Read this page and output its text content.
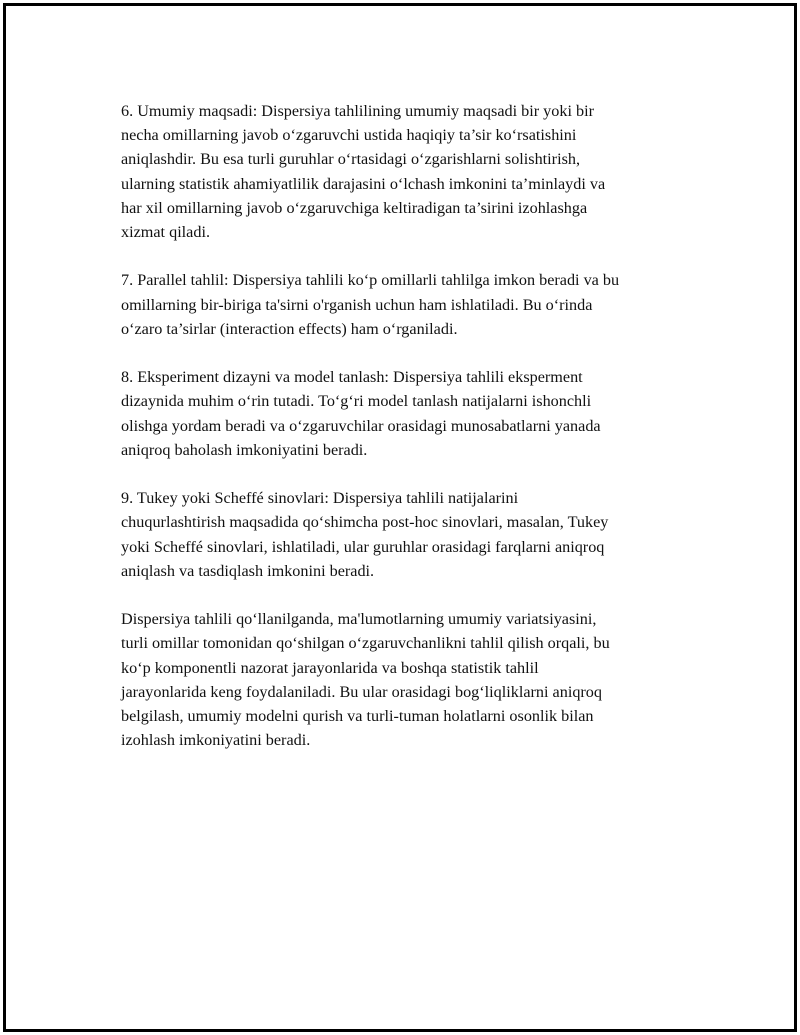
6. Umumiy maqsadi: Dispersiya tahlilining umumiy maqsadi bir yoki bir
necha omillarning javob o‘zgaruvchi ustida haqiqiy ta’sir ko‘rsatishini
aniqlashdir. Bu esa turli guruhlar o‘rtasidagi o‘zgarishlarni solishtirish,
ularning statistik ahamiyatlilik darajasini o‘lchash imkonini ta’minlaydi va
har xil omillarning javob o‘zgaruvchiga keltiradigan ta’sirini izohlashga
xizmat qiladi.

7. Parallel tahlil: Dispersiya tahlili ko‘p omillarli tahlilga imkon beradi va bu
omillarning bir-biriga ta'sirni o'rganish uchun ham ishlatiladi. Bu o‘rinda
o‘zaro ta’sirlar (interaction effects) ham o‘rganiladi.

8. Eksperiment dizayni va model tanlash: Dispersiya tahlili eksperment
dizaynida muhim o‘rin tutadi. To‘g‘ri model tanlash natijalarni ishonchli
olishga yordam beradi va o‘zgaruvchilar orasidagi munosabatlarni yanada
aniqroq baholash imkoniyatini beradi.

9. Tukey yoki Scheffé sinovlari: Dispersiya tahlili natijalarini
chuqurlashtirish maqsadida qo‘shimcha post-hoc sinovlari, masalan, Tukey
yoki Scheffé sinovlari, ishlatiladi, ular guruhlar orasidagi farqlarni aniqroq
aniqlash va tasdiqlash imkonini beradi.

Dispersiya tahlili qo‘llanilganda, ma'lumotlarning umumiy variatsiyasini,
turli omillar tomonidan qo‘shilgan o‘zgaruvchanlikni tahlil qilish orqali, bu
ko‘p komponentli nazorat jarayonlarida va boshqa statistik tahlil
jarayonlarida keng foydalaniladi. Bu ular orasidagi bog‘liqliklarni aniqroq
belgilash, umumiy modelni qurish va turli-tuman holatlarni osonlik bilan
izohlash imkoniyatini beradi.
